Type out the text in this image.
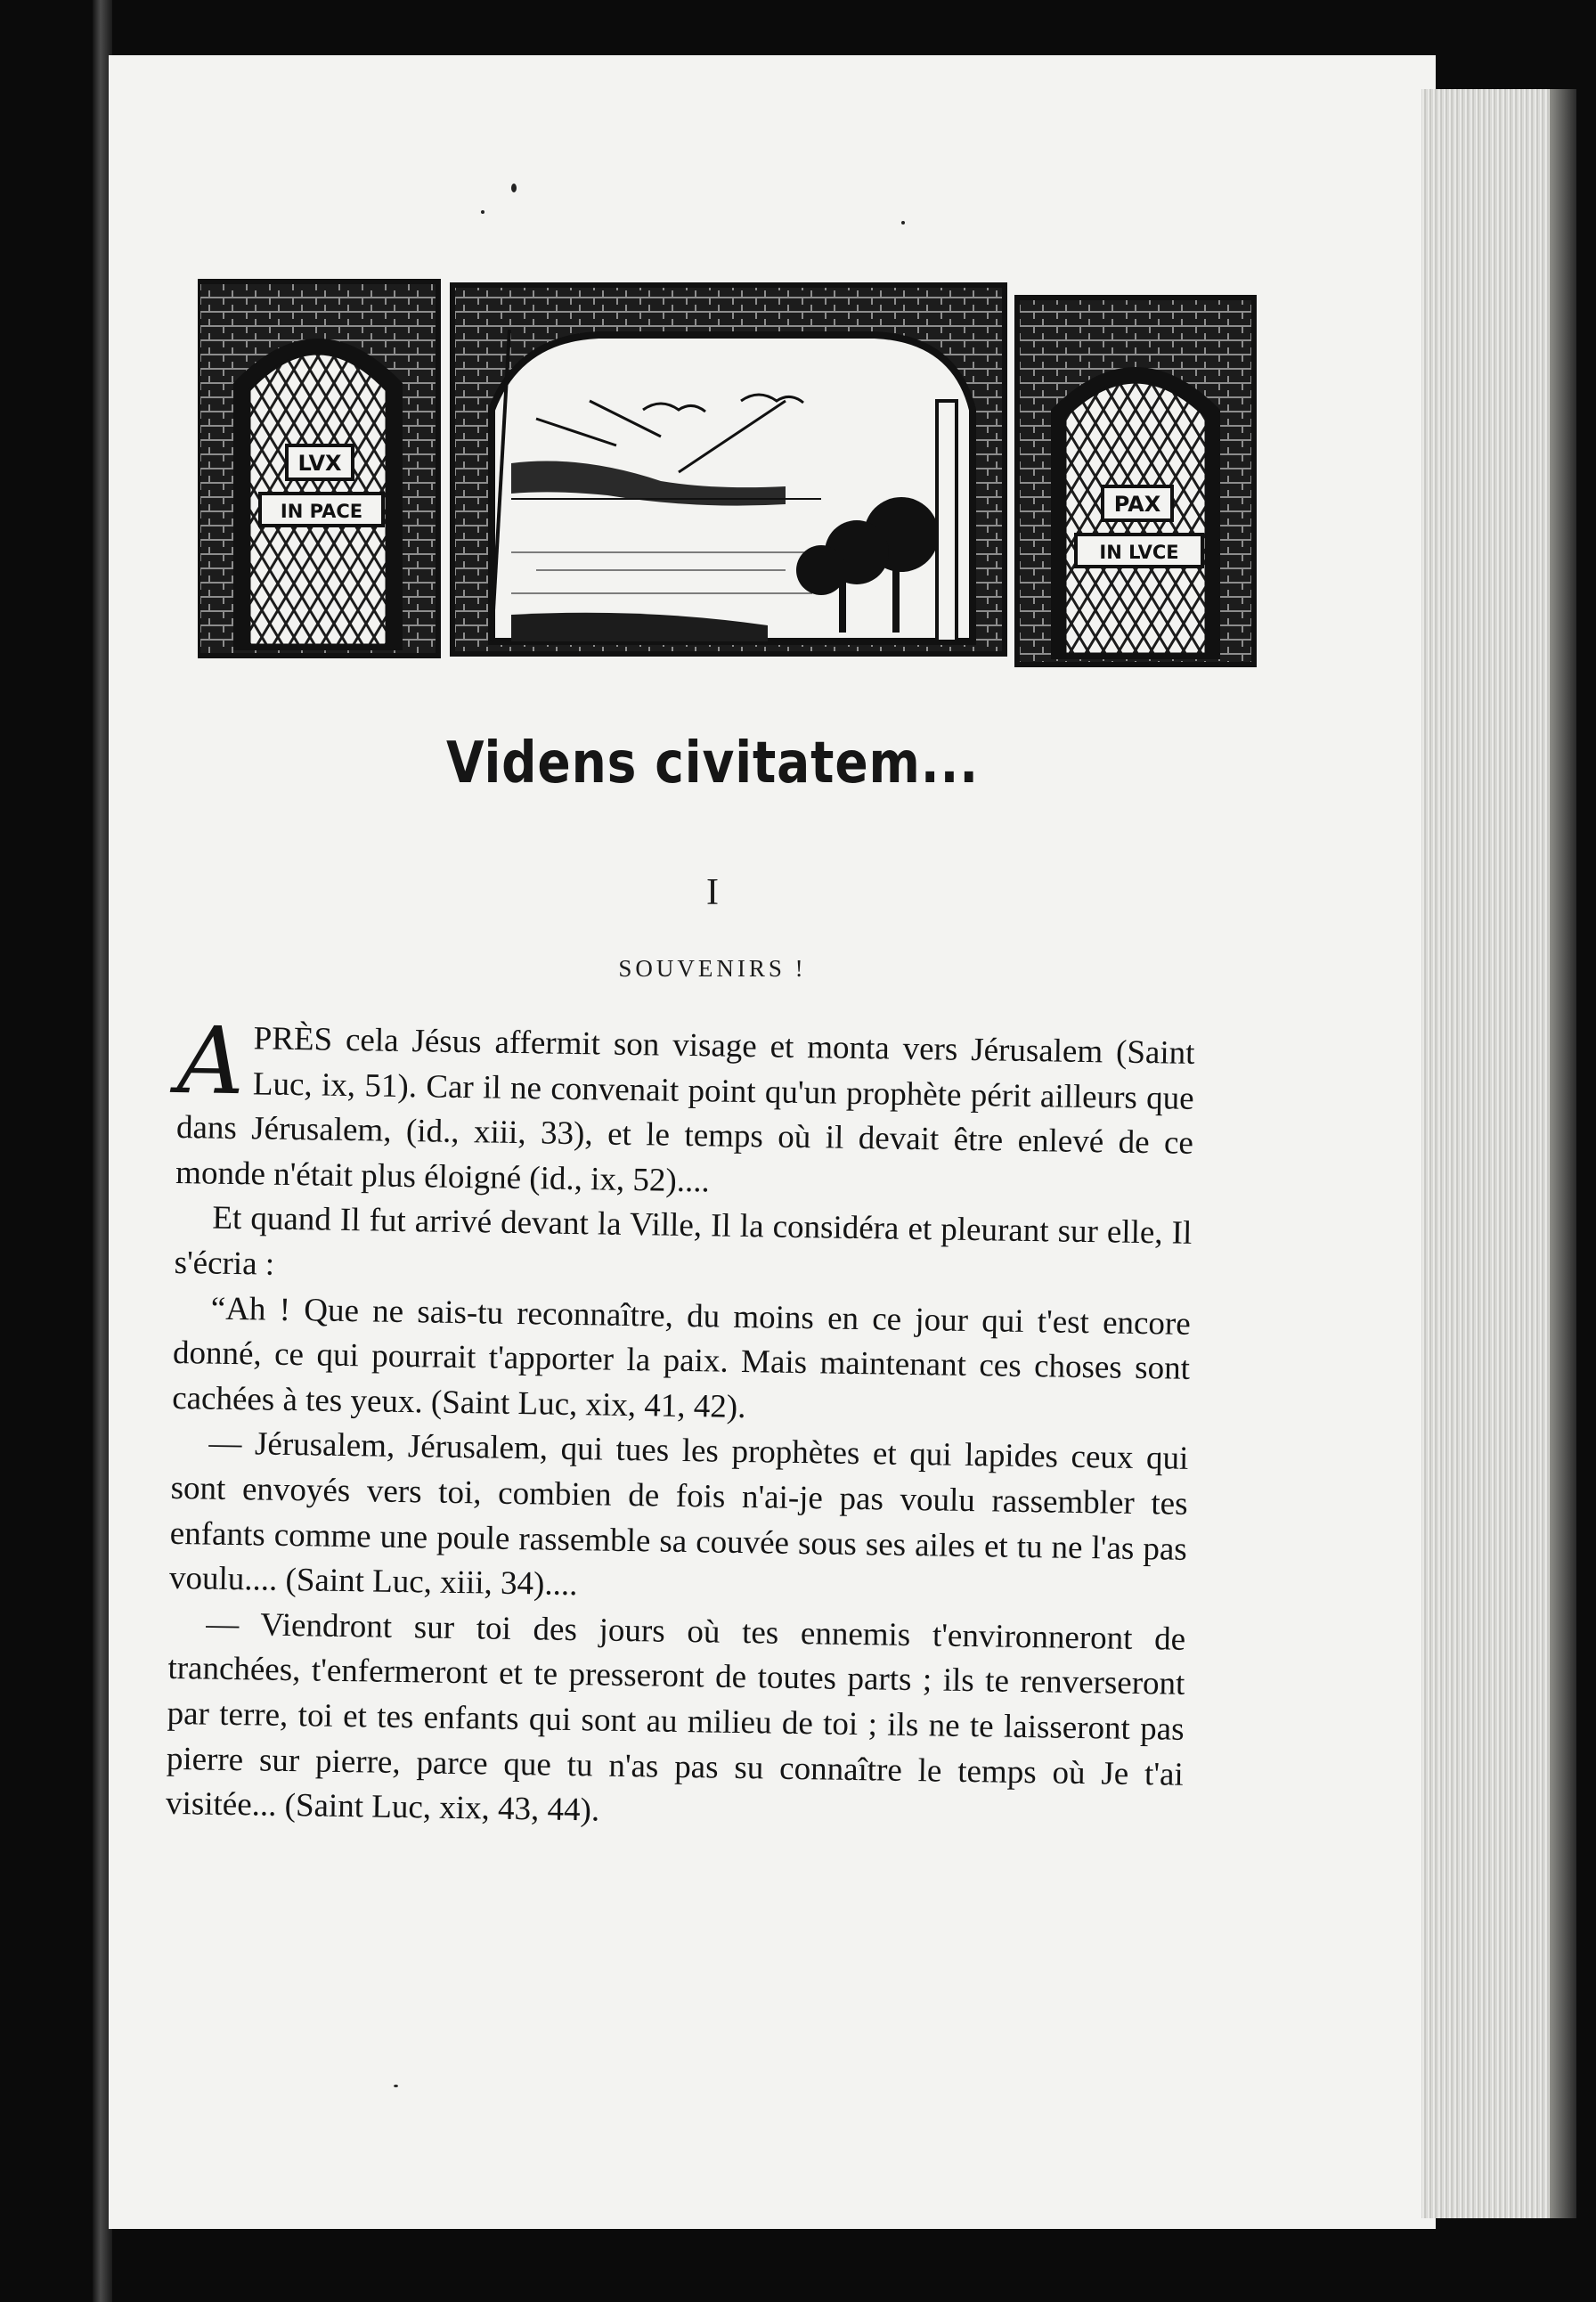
LVX
IN PACE	PAX
IN LVCE
Videns civitatem...
I
SOUVENIRS !

APRÈS cela Jésus affermit son visage et monta vers Jérusalem (Saint Luc, ix, 51). Car il ne convenait point qu'un prophète périt ailleurs que dans Jérusalem, (id., xiii, 33), et le temps où il devait être enlevé de ce monde n'était plus éloigné (id., ix, 52)....

Et quand Il fut arrivé devant la Ville, Il la considéra et pleurant sur elle, Il s'écria :

“Ah ! Que ne sais-tu reconnaître, du moins en ce jour qui t'est encore donné, ce qui pourrait t'apporter la paix. Mais maintenant ces choses sont cachées à tes yeux. (Saint Luc, xix, 41, 42).

— Jérusalem, Jérusalem, qui tues les prophètes et qui lapides ceux qui sont envoyés vers toi, combien de fois n'ai-je pas voulu rassembler tes enfants comme une poule rassemble sa couvée sous ses ailes et tu ne l'as pas voulu.... (Saint Luc, xiii, 34)....

— Viendront sur toi des jours où tes ennemis t'environneront de tranchées, t'enfermeront et te presseront de toutes parts ; ils te renverseront par terre, toi et tes enfants qui sont au milieu de toi ; ils ne te laisseront pas pierre sur pierre, parce que tu n'as pas su connaître le temps où Je t'ai visitée... (Saint Luc, xix, 43, 44).
